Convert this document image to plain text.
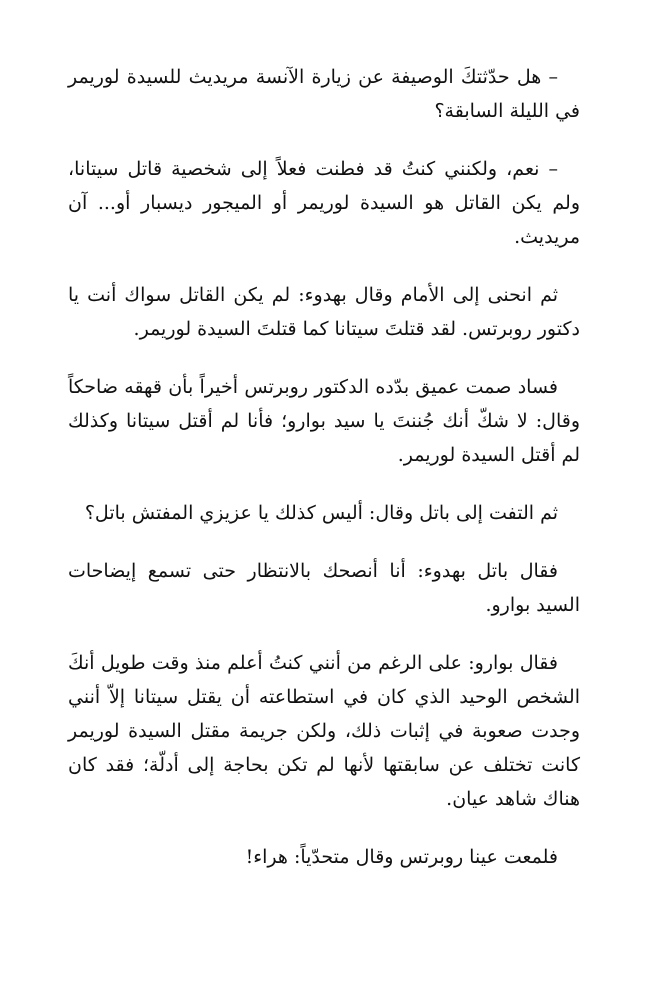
– هل حدّثتكَ الوصيفة عن زيارة الآنسة مريديث للسيدة لوريمر في الليلة السابقة؟

– نعم، ولكنني كنتُ قد فطنت فعلاً إلى شخصية قاتل سيتانا، ولم يكن القاتل هو السيدة لوريمر أو الميجور ديسبار أو... آن مريديث.

ثم انحنى إلى الأمام وقال بهدوء: لم يكن القاتل سواك أنت يا دكتور روبرتس. لقد قتلتَ سيتانا كما قتلتَ السيدة لوريمر.

فساد صمت عميق بدّده الدكتور روبرتس أخيراً بأن قهقه ضاحكاً وقال: لا شكّ أنك جُننتَ يا سيد بوارو؛ فأنا لم أقتل سيتانا وكذلك لم أقتل السيدة لوريمر.

ثم التفت إلى باتل وقال: أليس كذلك يا عزيزي المفتش باتل؟

فقال باتل بهدوء: أنا أنصحك بالانتظار حتى تسمع إيضاحات السيد بوارو.

فقال بوارو: على الرغم من أنني كنتُ أعلم منذ وقت طويل أنكَ الشخص الوحيد الذي كان في استطاعته أن يقتل سيتانا إلاّ أنني وجدت صعوبة في إثبات ذلك، ولكن جريمة مقتل السيدة لوريمر كانت تختلف عن سابقتها لأنها لم تكن بحاجة إلى أدلّة؛ فقد كان هناك شاهد عيان.

فلمعت عينا روبرتس وقال متحدّياً: هراء!
